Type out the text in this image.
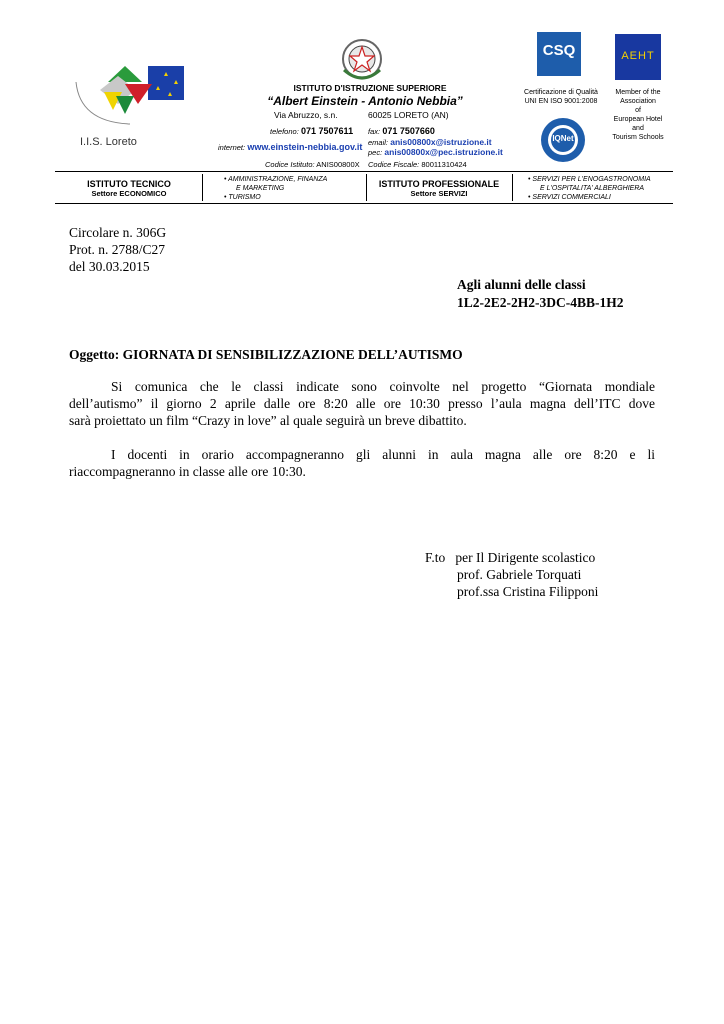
I.I.S. Loreto
ISTITUTO D'ISTRUZIONE SUPERIORE
“Albert Einstein - Antonio Nebbia”
Via Abruzzo, s.n.	60025 LORETO (AN)
telefono: 071 7507611 fax: 071 7507660
internet: www.einstein-nebbia.gov.it email: anis00800x@istruzione.it
pec: anis00800x@pec.istruzione.it
Codice Istituto: ANIS00800X Codice Fiscale: 80011310424
CSQ
Certificazione di Qualità
UNI EN ISO 9001:2008
IQNet
AEHT
Member of the
Association
of
European Hotel
and
Tourism Schools
ISTITUTO TECNICO
Settore ECONOMICO
• AMMINISTRAZIONE, FINANZA
E MARKETING
• TURISMO
ISTITUTO PROFESSIONALE
Settore SERVIZI
• SERVIZI PER L'ENOGASTRONOMIA
E L'OSPITALITA' ALBERGHIERA
• SERVIZI COMMERCIALI
Circolare n. 306G
Prot. n. 2788/C27
del 30.03.2015
Agli alunni delle classi
1L2-2E2-2H2-3DC-4BB-1H2
Oggetto: GIORNATA DI SENSIBILIZZAZIONE DELL’AUTISMO
Si comunica che le classi indicate sono coinvolte nel progetto “Giornata mondiale
dell’autismo” il giorno 2 aprile dalle ore 8:20 alle ore 10:30 presso l’aula magna dell’ITC dove
sarà proiettato un film “Crazy in love” al quale seguirà un breve dibattito.
I docenti in orario accompagneranno gli alunni in aula magna alle ore 8:20 e li
riaccompagneranno in classe alle ore 10:30.
F.to   per Il Dirigente scolastico
prof. Gabriele Torquati
prof.ssa Cristina Filipponi
